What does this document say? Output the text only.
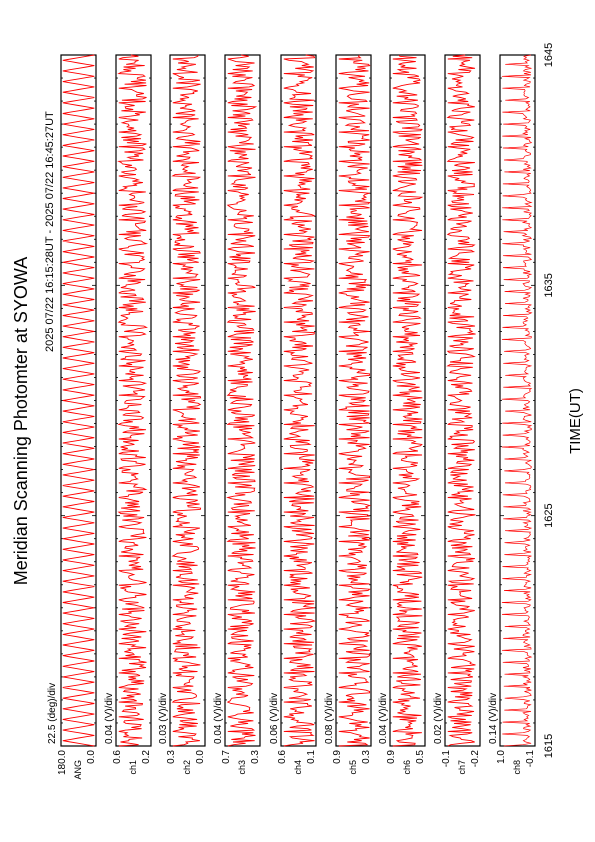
Meridian Scanning Photomter at SYOWA
2025 07/22 16:15:28UT - 2025 07/22 16:45:27UT
1615
1625
1635
1645
TIME(UT)
180.0 0.0
ANG
22.5 (deg)/div
0.6 0.2
ch1
0.04 (V)/div
0.3 0.0
ch2
0.03 (V)/div
0.7 0.3
ch3
0.04 (V)/div
0.6 0.1
ch4
0.06 (V)/div
0.9 0.3
ch5
0.08 (V)/div
0.9 0.5
ch6
0.04 (V)/div
-0.1 -0.2
ch7
0.02 (V)/div
1.0 -0.1
ch8
0.14 (V)/div
